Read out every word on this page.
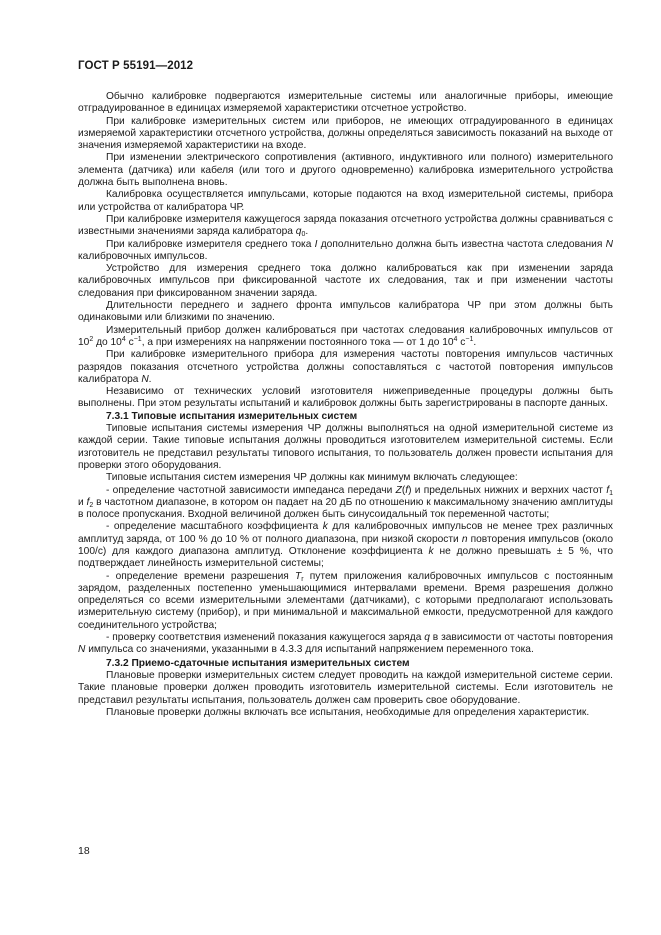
ГОСТ Р 55191—2012

Обычно калибровке подвергаются измерительные системы или аналогичные приборы, имеющие отградуированное в единицах измеряемой характеристики отсчетное устройство.

При калибровке измерительных систем или приборов, не имеющих отградуированного в единицах измеряемой характеристики отсчетного устройства, должны определяться зависимость показаний на выходе от значения измеряемой характеристики на входе.

При изменении электрического сопротивления (активного, индуктивного или полного) измерительного элемента (датчика) или кабеля (или того и другого одновременно) калибровка измерительного устройства должна быть выполнена вновь.

Калибровка осуществляется импульсами, которые подаются на вход измерительной системы, прибора или устройства от калибратора ЧР.

При калибровке измерителя кажущегося заряда показания отсчетного устройства должны сравниваться с известными значениями заряда калибратора $q_0$.

При калибровке измерителя среднего тока I дополнительно должна быть известна частота следования N калибровочных импульсов.

Устройство для измерения среднего тока должно калиброваться как при изменении заряда калибровочных импульсов при фиксированной частоте их следования, так и при изменении частоты следования при фиксированном значении заряда.

Длительности переднего и заднего фронта импульсов калибратора ЧР при этом должны быть одинаковыми или близкими по значению.

Измерительный прибор должен калиброваться при частотах следования калибровочных импульсов от $10^2$ до $10^4$ $с^{-1}$, а при измерениях на напряжении постоянного тока — от 1 до $10^4$ $с^{-1}$.

При калибровке измерительного прибора для измерения частоты повторения импульсов частичных разрядов показания отсчетного устройства должны сопоставляться с частотой повторения импульсов калибратора N.

Независимо от технических условий изготовителя нижеприведенные процедуры должны быть выполнены. При этом результаты испытаний и калибровок должны быть зарегистрированы в паспорте данных.

7.3.1 Типовые испытания измерительных систем

Типовые испытания системы измерения ЧР должны выполняться на одной измерительной системе из каждой серии. Такие типовые испытания должны проводиться изготовителем измерительной системы. Если изготовитель не представил результаты типового испытания, то пользователь должен провести испытания для проверки этого оборудования.

Типовые испытания систем измерения ЧР должны как минимум включать следующее:

- определение частотной зависимости импеданса передачи Z(f) и предельных нижних и верхних частот $f_1$ и $f_2$ в частотном диапазоне, в котором он падает на 20 дБ по отношению к максимальному значению амплитуды в полосе пропускания. Входной величиной должен быть синусоидальный ток переменной частоты;

- определение масштабного коэффициента k для калибровочных импульсов не менее трех различных амплитуд заряда, от 100 % до 10 % от полного диапазона, при низкой скорости n повторения импульсов (около 100/с) для каждого диапазона амплитуд. Отклонение коэффициента k не должно превышать ± 5 %, что подтверждает линейность измерительной системы;

- определение времени разрешения $T_r$ путем приложения калибровочных импульсов с постоянным зарядом, разделенных постепенно уменьшающимися интервалами времени. Время разрешения должно определяться со всеми измерительными элементами (датчиками), с которыми предполагают использовать измерительную систему (прибор), и при минимальной и максимальной емкости, предусмотренной для каждого соединительного устройства;

- проверку соответствия изменений показания кажущегося заряда q в зависимости от частоты повторения N импульса со значениями, указанными в 4.3.3 для испытаний напряжением переменного тока.

7.3.2 Приемо-сдаточные испытания измерительных систем

Плановые проверки измерительных систем следует проводить на каждой измерительной системе серии. Такие плановые проверки должен проводить изготовитель измерительной системы. Если изготовитель не представил результаты испытания, пользователь должен сам проверить свое оборудование.

Плановые проверки должны включать все испытания, необходимые для определения характеристик.

18
